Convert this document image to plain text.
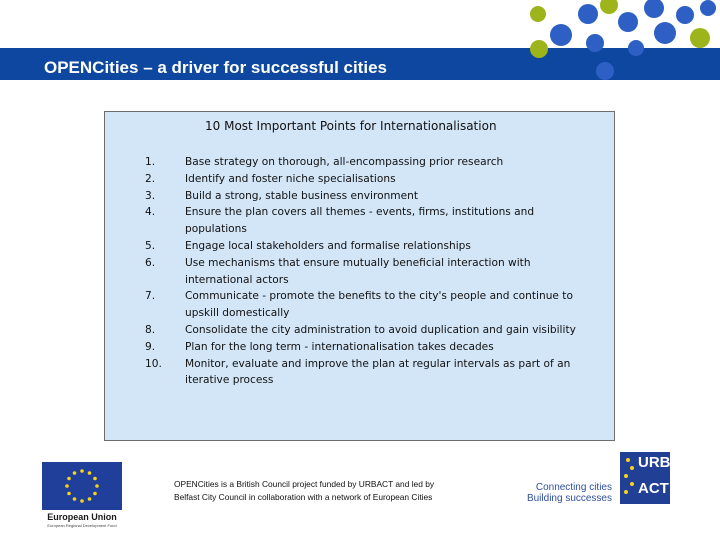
OPENCities – a driver for successful cities
10 Most Important Points for Internationalisation
1.	Base strategy on thorough, all-encompassing prior research
2.	Identify and foster niche specialisations
3.	Build a strong, stable business environment
4.	Ensure the plan covers all themes - events, firms, institutions and
populations
5.	Engage local stakeholders and formalise relationships
6.	Use mechanisms that ensure mutually beneficial interaction with
international actors
7.	Communicate - promote the benefits to the city's people and continue to
upskill domestically
8.	Consolidate the city administration to avoid duplication and gain visibility
9.	Plan for the long term - internationalisation takes decades
10.	Monitor, evaluate and improve the plan at regular intervals as part of an
iterative process
European Union
European Regional Development Fund
OPENCities is a British Council project funded by URBACT and led by
Belfast City Council in collaboration with a network of European Cities
Connecting cities
Building successes
URB
ACT
